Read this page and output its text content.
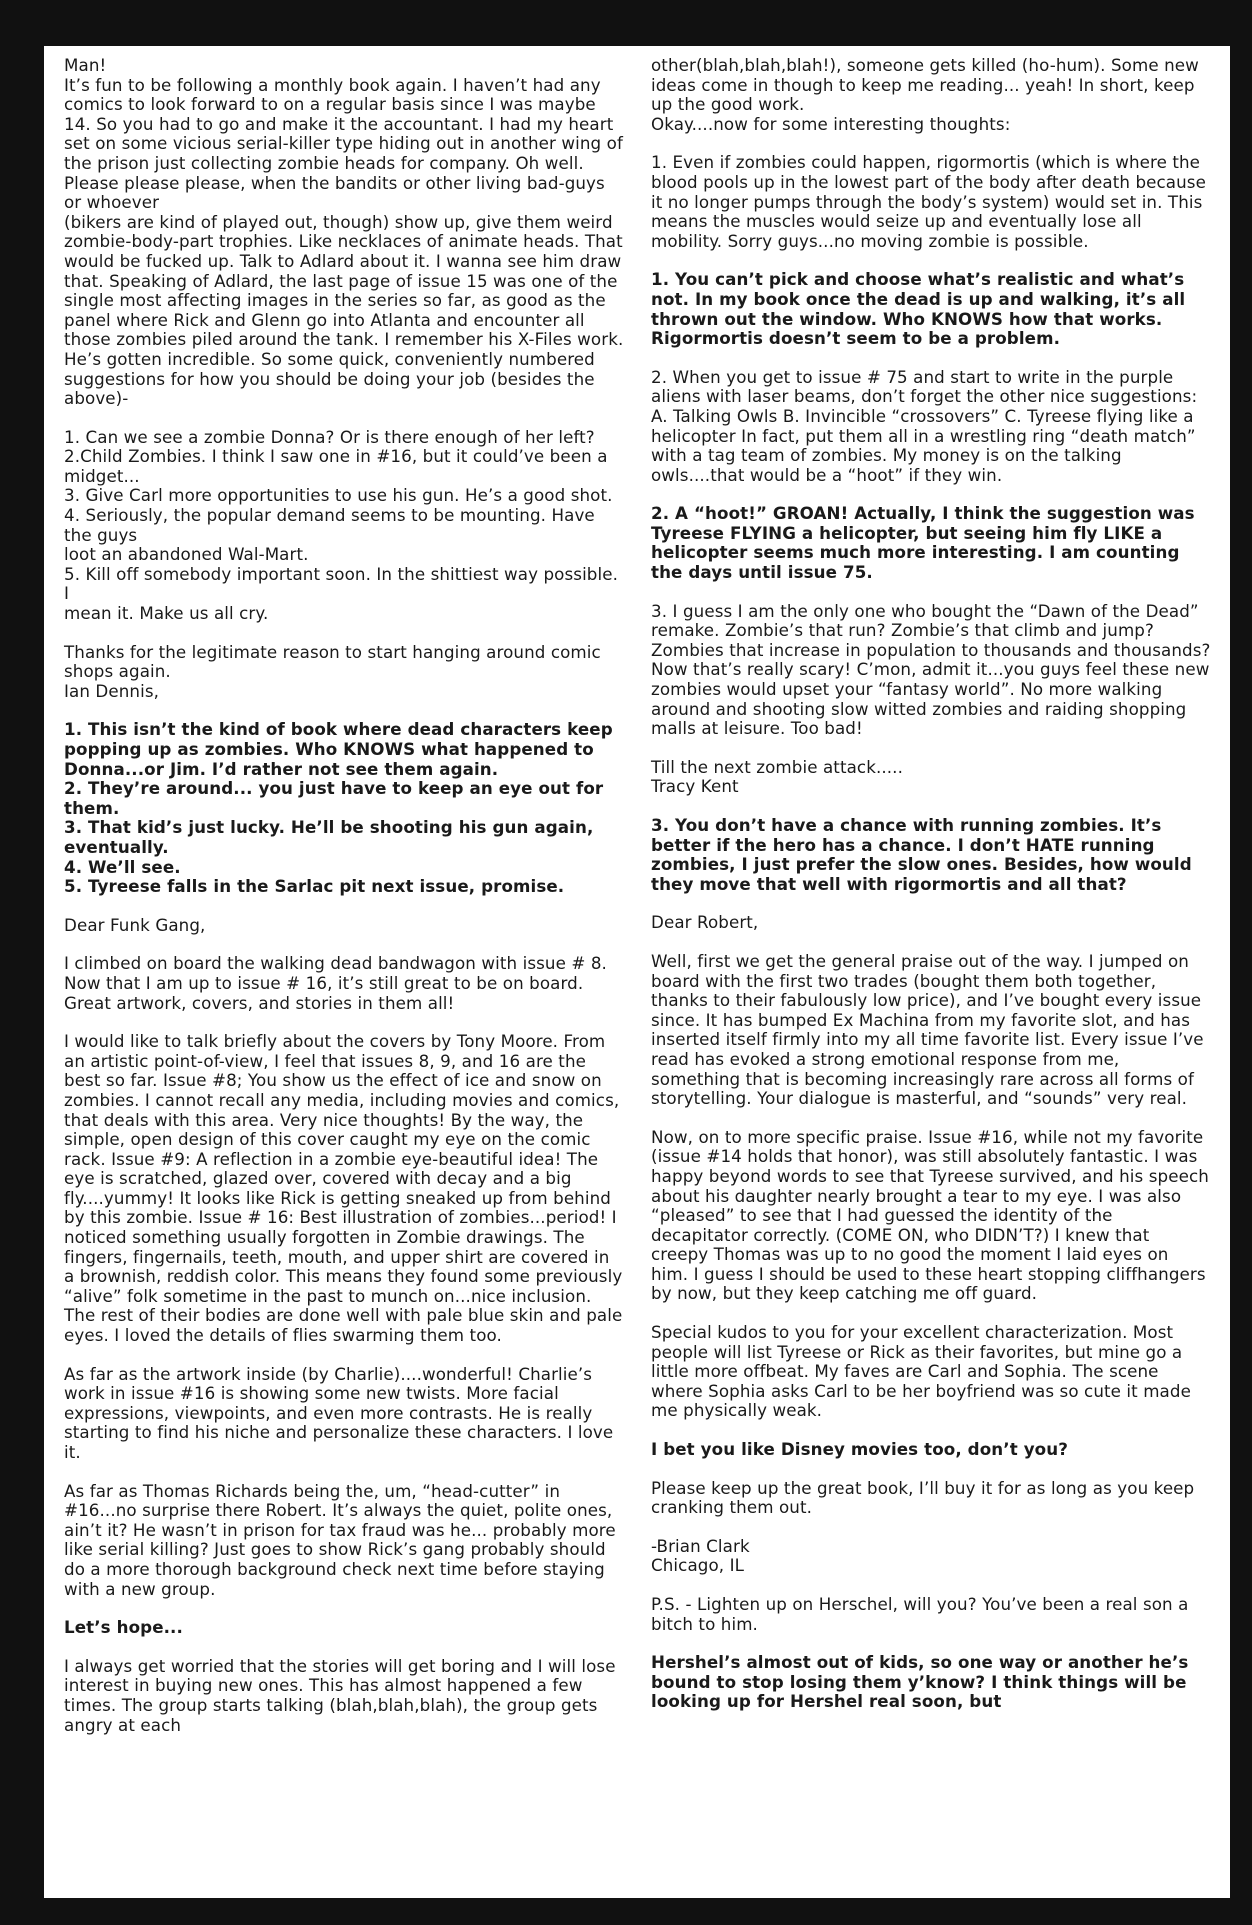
Man!
It’s fun to be following a monthly book again. I haven’t had any comics to look forward to on a regular basis since I was maybe 14. So you had to go and make it the accountant. I had my heart set on some vicious serial-killer type hiding out in another wing of the prison just collecting zombie heads for company. Oh well. Please please please, when the bandits or other living bad-guys or whoever
(bikers are kind of played out, though) show up, give them weird zombie-body-part trophies. Like necklaces of animate heads. That would be fucked up. Talk to Adlard about it. I wanna see him draw that. Speaking of Adlard, the last page of issue 15 was one of the single most affecting images in the series so far, as good as the panel where Rick and Glenn go into Atlanta and encounter all those zombies piled around the tank. I remember his X-Files work. He’s gotten incredible. So some quick, conveniently numbered suggestions for how you should be doing your job (besides the above)-

1. Can we see a zombie Donna? Or is there enough of her left?
2.Child Zombies. I think I saw one in #16, but it could’ve been a midget...
3. Give Carl more opportunities to use his gun. He’s a good shot.
4. Seriously, the popular demand seems to be mounting. Have the guys
loot an abandoned Wal-Mart.
5. Kill off somebody important soon. In the shittiest way possible. I
mean it. Make us all cry.

Thanks for the legitimate reason to start hanging around comic shops again.
Ian Dennis,

1. This isn’t the kind of book where dead characters keep popping up as zombies. Who KNOWS what happened to Donna...or Jim. I’d rather not see them again.
2. They’re around... you just have to keep an eye out for them.
3. That kid’s just lucky. He’ll be shooting his gun again, eventually.
4. We’ll see.
5. Tyreese falls in the Sarlac pit next issue, promise.

Dear Funk Gang,

I climbed on board the walking dead bandwagon with issue # 8. Now that I am up to issue # 16, it’s still great to be on board. Great artwork, covers, and stories in them all!

I would like to talk briefly about the covers by Tony Moore. From an artistic point-of-view, I feel that issues 8, 9, and 16 are the best so far. Issue #8; You show us the effect of ice and snow on zombies. I cannot recall any media, including movies and comics, that deals with this area. Very nice thoughts! By the way, the simple, open design of this cover caught my eye on the comic rack. Issue #9: A reflection in a zombie eye-beautiful idea! The eye is scratched, glazed over, covered with decay and a big fly....yummy! It looks like Rick is getting sneaked up from behind by this zombie. Issue # 16: Best illustration of zombies...period! I noticed something usually forgotten in Zombie drawings. The fingers, fingernails, teeth, mouth, and upper shirt are covered in a brownish, reddish color. This means they found some previously “alive” folk sometime in the past to munch on...nice inclusion. The rest of their bodies are done well with pale blue skin and pale eyes. I loved the details of flies swarming them too.

As far as the artwork inside (by Charlie)....wonderful! Charlie’s work in issue #16 is showing some new twists. More facial expressions, viewpoints, and even more contrasts. He is really starting to find his niche and personalize these characters. I love it.

As far as Thomas Richards being the, um, “head-cutter” in #16...no surprise there Robert. It’s always the quiet, polite ones, ain’t it? He wasn’t in prison for tax fraud was he... probably more like serial killing? Just goes to show Rick’s gang probably should do a more thorough background check next time before staying with a new group.

Let’s hope...

I always get worried that the stories will get boring and I will lose interest in buying new ones. This has almost happened a few times. The group starts talking (blah,blah,blah), the group gets angry at each

other(blah,blah,blah!), someone gets killed (ho-hum). Some new ideas come in though to keep me reading... yeah! In short, keep up the good work.
Okay....now for some interesting thoughts:

1. Even if zombies could happen, rigormortis (which is where the blood pools up in the lowest part of the body after death because it no longer pumps through the body’s system) would set in. This means the muscles would seize up and eventually lose all mobility. Sorry guys...no moving zombie is possible.

1. You can’t pick and choose what’s realistic and what’s not. In my book once the dead is up and walking, it’s all thrown out the window. Who KNOWS how that works. Rigormortis doesn’t seem to be a problem.

2. When you get to issue # 75 and start to write in the purple aliens with laser beams, don’t forget the other nice suggestions: A. Talking Owls B. Invincible “crossovers” C. Tyreese flying like a helicopter In fact, put them all in a wrestling ring “death match” with a tag team of zombies. My money is on the talking owls....that would be a “hoot” if they win.

2. A “hoot!” GROAN! Actually, I think the suggestion was Tyreese FLYING a helicopter, but seeing him fly LIKE a helicopter seems much more interesting. I am counting the days until issue 75.

3. I guess I am the only one who bought the “Dawn of the Dead” remake. Zombie’s that run? Zombie’s that climb and jump? Zombies that increase in population to thousands and thousands? Now that’s really scary! C’mon, admit it...you guys feel these new zombies would upset your “fantasy world”. No more walking around and shooting slow witted zombies and raiding shopping malls at leisure. Too bad!

Till the next zombie attack.....
Tracy Kent

3. You don’t have a chance with running zombies. It’s better if the hero has a chance. I don’t HATE running zombies, I just prefer the slow ones. Besides, how would they move that well with rigormortis and all that?

Dear Robert,

Well, first we get the general praise out of the way. I jumped on board with the first two trades (bought them both together, thanks to their fabulously low price), and I’ve bought every issue since. It has bumped Ex Machina from my favorite slot, and has inserted itself firmly into my all time favorite list. Every issue I’ve read has evoked a strong emotional response from me, something that is becoming increasingly rare across all forms of storytelling. Your dialogue is masterful, and “sounds” very real.

Now, on to more specific praise. Issue #16, while not my favorite (issue #14 holds that honor), was still absolutely fantastic. I was happy beyond words to see that Tyreese survived, and his speech about his daughter nearly brought a tear to my eye. I was also “pleased” to see that I had guessed the identity of the decapitator correctly. (COME ON, who DIDN’T?) I knew that creepy Thomas was up to no good the moment I laid eyes on him. I guess I should be used to these heart stopping cliffhangers by now, but they keep catching me off guard.

Special kudos to you for your excellent characterization. Most people will list Tyreese or Rick as their favorites, but mine go a little more offbeat. My faves are Carl and Sophia. The scene where Sophia asks Carl to be her boyfriend was so cute it made me physically weak.

I bet you like Disney movies too, don’t you?

Please keep up the great book, I’ll buy it for as long as you keep cranking them out.

-Brian Clark
Chicago, IL

P.S. - Lighten up on Herschel, will you? You’ve been a real son a bitch to him.

Hershel’s almost out of kids, so one way or another he’s bound to stop losing them y’know? I think things will be looking up for Hershel real soon, but
